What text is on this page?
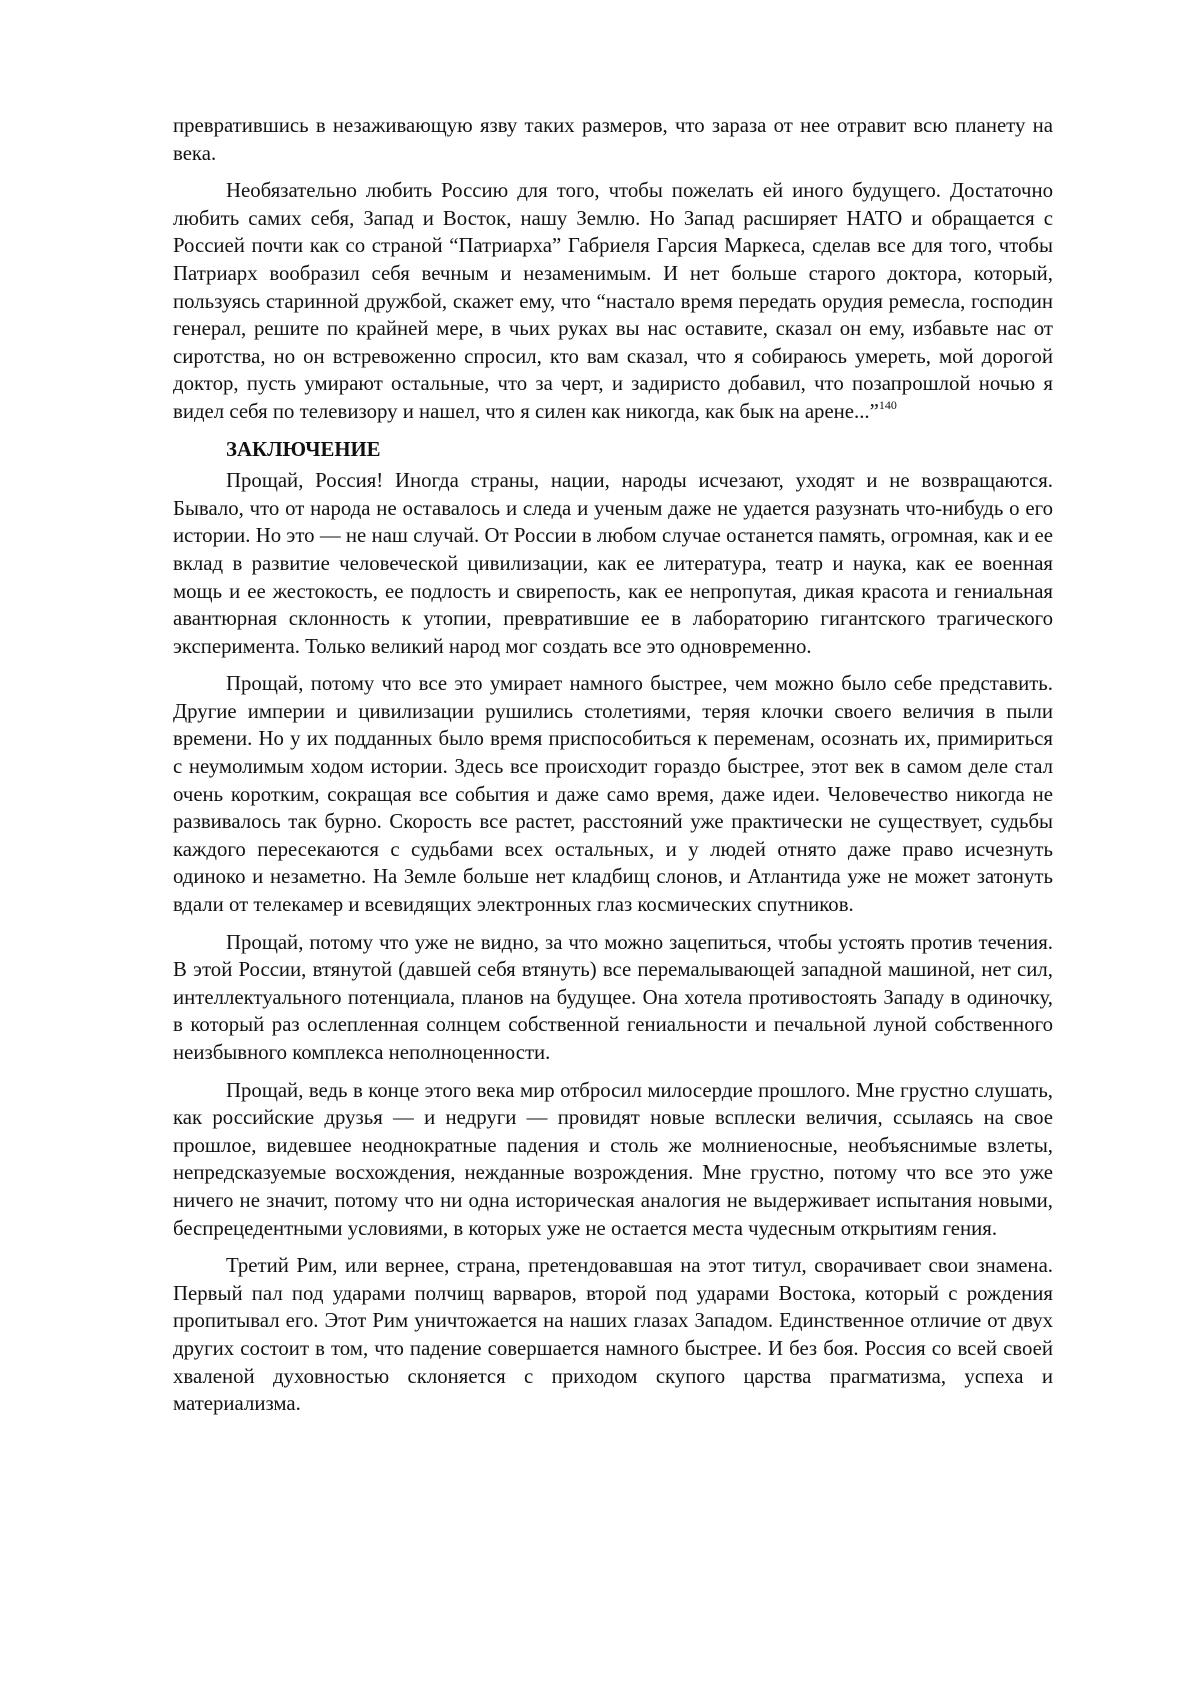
превратившись в незаживающую язву таких размеров, что зараза от нее отравит всю планету на века.

Необязательно любить Россию для того, чтобы пожелать ей иного будущего. Достаточно любить самих себя, Запад и Восток, нашу Землю. Но Запад расширяет НАТО и обращается с Россией почти как со страной “Патриарха” Габриеля Гарсия Маркеса, сделав все для того, чтобы Патриарх вообразил себя вечным и незаменимым. И нет больше старого доктора, который, пользуясь старинной дружбой, скажет ему, что “настало время передать орудия ремесла, господин генерал, решите по крайней мере, в чьих руках вы нас оставите, сказал он ему, избавьте нас от сиротства, но он встревоженно спросил, кто вам сказал, что я собираюсь умереть, мой дорогой доктор, пусть умирают остальные, что за черт, и задиристо добавил, что позапрошлой ночью я видел себя по телевизору и нашел, что я силен как никогда, как бык на арене...”140

ЗАКЛЮЧЕНИЕ

Прощай, Россия! Иногда страны, нации, народы исчезают, уходят и не возвращаются. Бывало, что от народа не оставалось и следа и ученым даже не удается разузнать что-нибудь о его истории. Но это — не наш случай. От России в любом случае останется память, огромная, как и ее вклад в развитие человеческой цивилизации, как ее литература, театр и наука, как ее военная мощь и ее жестокость, ее подлость и свирепость, как ее непропутая, дикая красота и гениальная авантюрная склонность к утопии, превратившие ее в лабораторию гигантского трагического эксперимента. Только великий народ мог создать все это одновременно.

Прощай, потому что все это умирает намного быстрее, чем можно было себе представить. Другие империи и цивилизации рушились столетиями, теряя клочки своего величия в пыли времени. Но у их подданных было время приспособиться к переменам, осознать их, примириться с неумолимым ходом истории. Здесь все происходит гораздо быстрее, этот век в самом деле стал очень коротким, сокращая все события и даже само время, даже идеи. Человечество никогда не развивалось так бурно. Скорость все растет, расстояний уже практически не существует, судьбы каждого пересекаются с судьбами всех остальных, и у людей отнято даже право исчезнуть одиноко и незаметно. На Земле больше нет кладбищ слонов, и Атлантида уже не может затонуть вдали от телекамер и всевидящих электронных глаз космических спутников.

Прощай, потому что уже не видно, за что можно зацепиться, чтобы устоять против течения. В этой России, втянутой (давшей себя втянуть) все перемалывающей западной машиной, нет сил, интеллектуального потенциала, планов на будущее. Она хотела противостоять Западу в одиночку, в который раз ослепленная солнцем собственной гениальности и печальной луной собственного неизбывного комплекса неполноценности.

Прощай, ведь в конце этого века мир отбросил милосердие прошлого. Мне грустно слушать, как российские друзья — и недруги — провидят новые всплески величия, ссылаясь на свое прошлое, видевшее неоднократные падения и столь же молниеносные, необъяснимые взлеты, непредсказуемые восхождения, нежданные возрождения. Мне грустно, потому что все это уже ничего не значит, потому что ни одна историческая аналогия не выдерживает испытания новыми, беспрецедентными условиями, в которых уже не остается места чудесным открытиям гения.

Третий Рим, или вернее, страна, претендовавшая на этот титул, сворачивает свои знамена. Первый пал под ударами полчищ варваров, второй под ударами Востока, который с рождения пропитывал его. Этот Рим уничтожается на наших глазах Западом. Единственное отличие от двух других состоит в том, что падение совершается намного быстрее. И без боя. Россия со всей своей хваленой духовностью склоняется с приходом скупого царства прагматизма, успеха и материализма.
